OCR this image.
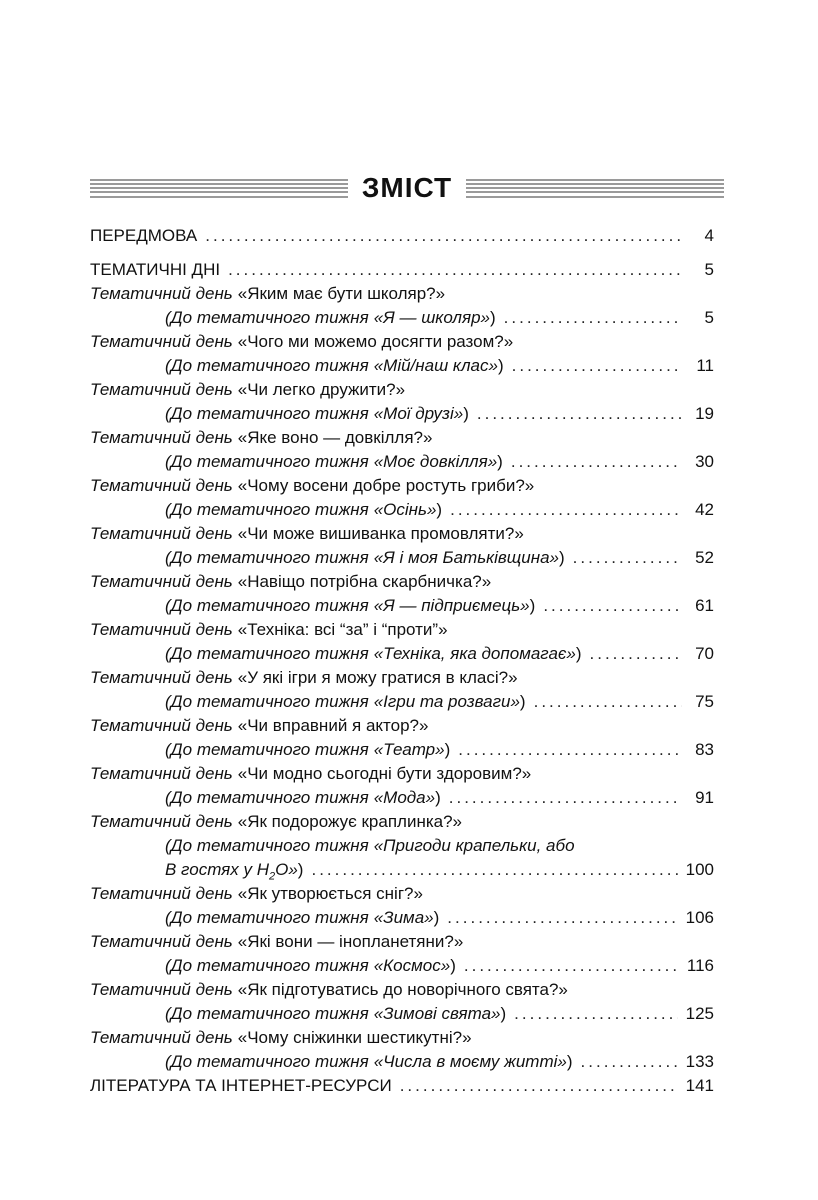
ЗМІСТ
ПЕРЕДМОВА .....	4
ТЕМАТИЧНІ ДНІ .....	5
Тематичний день «Яким має бути школяр?»
(До тематичного тижня «Я — школяр» ) .....	5
Тематичний день «Чого ми можемо досягти разом?»
(До тематичного тижня «Мій/наш клас» ) .....	11
Тематичний день «Чи легко дружити?»
(До тематичного тижня «Мої друзі» ) .....	19
Тематичний день «Яке воно — довкілля?»
(До тематичного тижня «Моє довкілля» ) .....	30
Тематичний день «Чому восени добре ростуть гриби?»
(До тематичного тижня «Осінь» ) .....	42
Тематичний день «Чи може вишиванка промовляти?»
(До тематичного тижня «Я і моя Батьківщина» ) .....	52
Тематичний день «Навіщо потрібна скарбничка?»
(До тематичного тижня «Я — підприємець» ) .....	61
Тематичний день «Техніка: всі “за” і “проти”»
(До тематичного тижня «Техніка, яка допомагає» ) .....	70
Тематичний день «У які ігри я можу гратися в класі?»
(До тематичного тижня «Ігри та розваги» ) .....	75
Тематичний день «Чи вправний я актор?»
(До тематичного тижня «Театр» ) .....	83
Тематичний день «Чи модно сьогодні бути здоровим?»
(До тематичного тижня «Мода» ) .....	91
Тематичний день «Як подорожує краплинка?»
(До тематичного тижня «Пригоди крапельки, або
В гостях у $H_2O$» ) .....	100
Тематичний день «Як утворюється сніг?»
(До тематичного тижня «Зима» ) .....	106
Тематичний день «Які вони — інопланетяни?»
(До тематичного тижня «Космос» ) .....	116
Тематичний день «Як підготуватись до новорічного свята?»
(До тематичного тижня «Зимові свята» ) .....	125
Тематичний день «Чому сніжинки шестикутні?»
(До тематичного тижня «Числа в моєму житті» ) .....	133
ЛІТЕРАТУРА ТА ІНТЕРНЕТ-РЕСУРСИ .....	141
